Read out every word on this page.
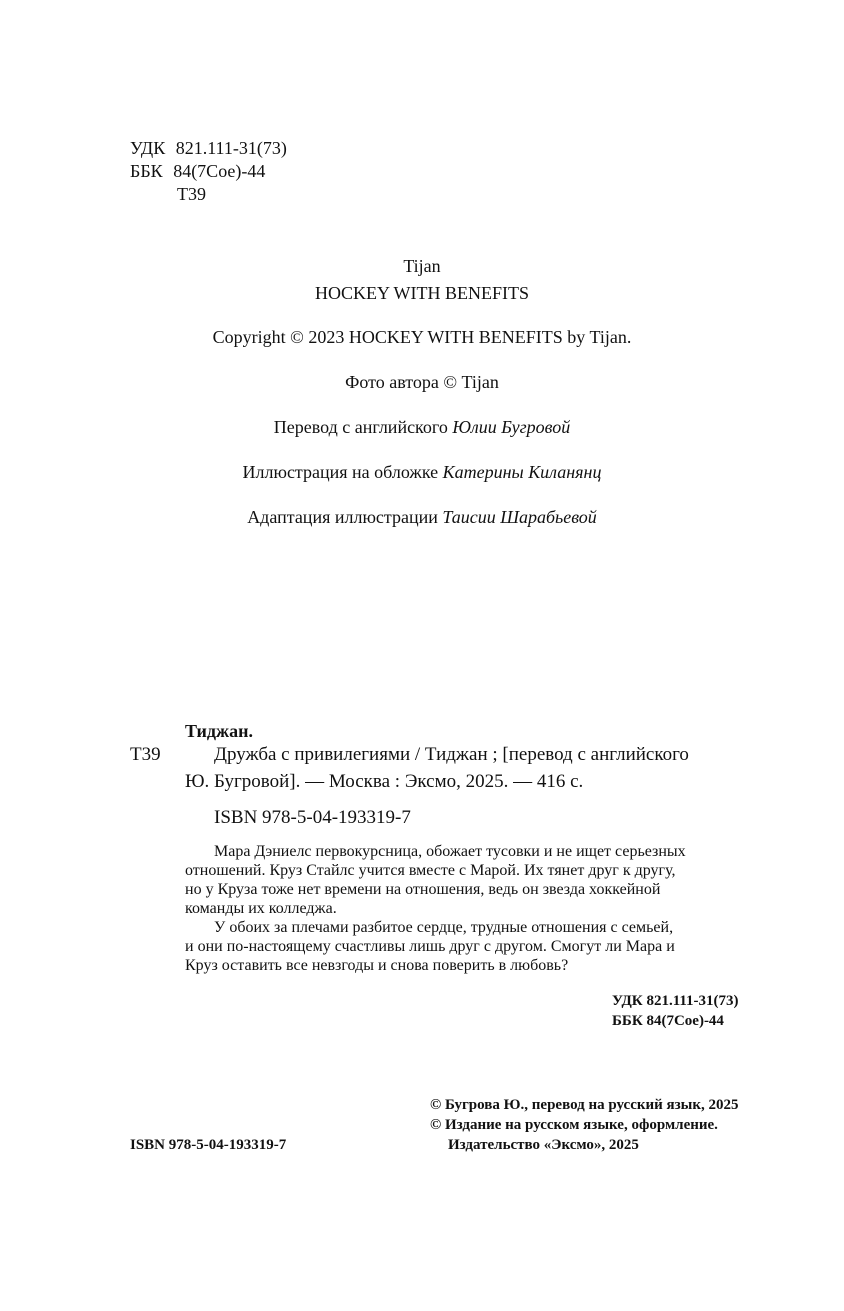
УДК 821.111-31(73)
ББК 84(7Сое)-44
Т39
Tijan
HOCKEY WITH BENEFITS
Copyright © 2023 HOCKEY WITH BENEFITS by Tijan.
Фото автора © Tijan
Перевод с английского Юлии Бугровой
Иллюстрация на обложке Катерины Киланянц
Адаптация иллюстрации Таисии Шарабьевой
Тиджан.
Т39	Дружба с привилегиями / Тиджан ; [перевод с английского
Ю. Бугровой]. — Москва : Эксмо, 2025. — 416 с.
ISBN 978-5-04-193319-7
Мара Дэниелс первокурсница, обожает тусовки и не ищет серьезных
отношений. Круз Стайлс учится вместе с Марой. Их тянет друг к другу,
но у Круза тоже нет времени на отношения, ведь он звезда хоккейной
команды их колледжа.
У обоих за плечами разбитое сердце, трудные отношения с семьей,
и они по-настоящему счастливы лишь друг с другом. Смогут ли Мара и
Круз оставить все невзгоды и снова поверить в любовь?
УДК 821.111-31(73)
ББК 84(7Сое)-44
ISBN 978-5-04-193319-7
© Бугрова Ю., перевод на русский язык, 2025
© Издание на русском языке, оформление.
Издательство «Эксмо», 2025
